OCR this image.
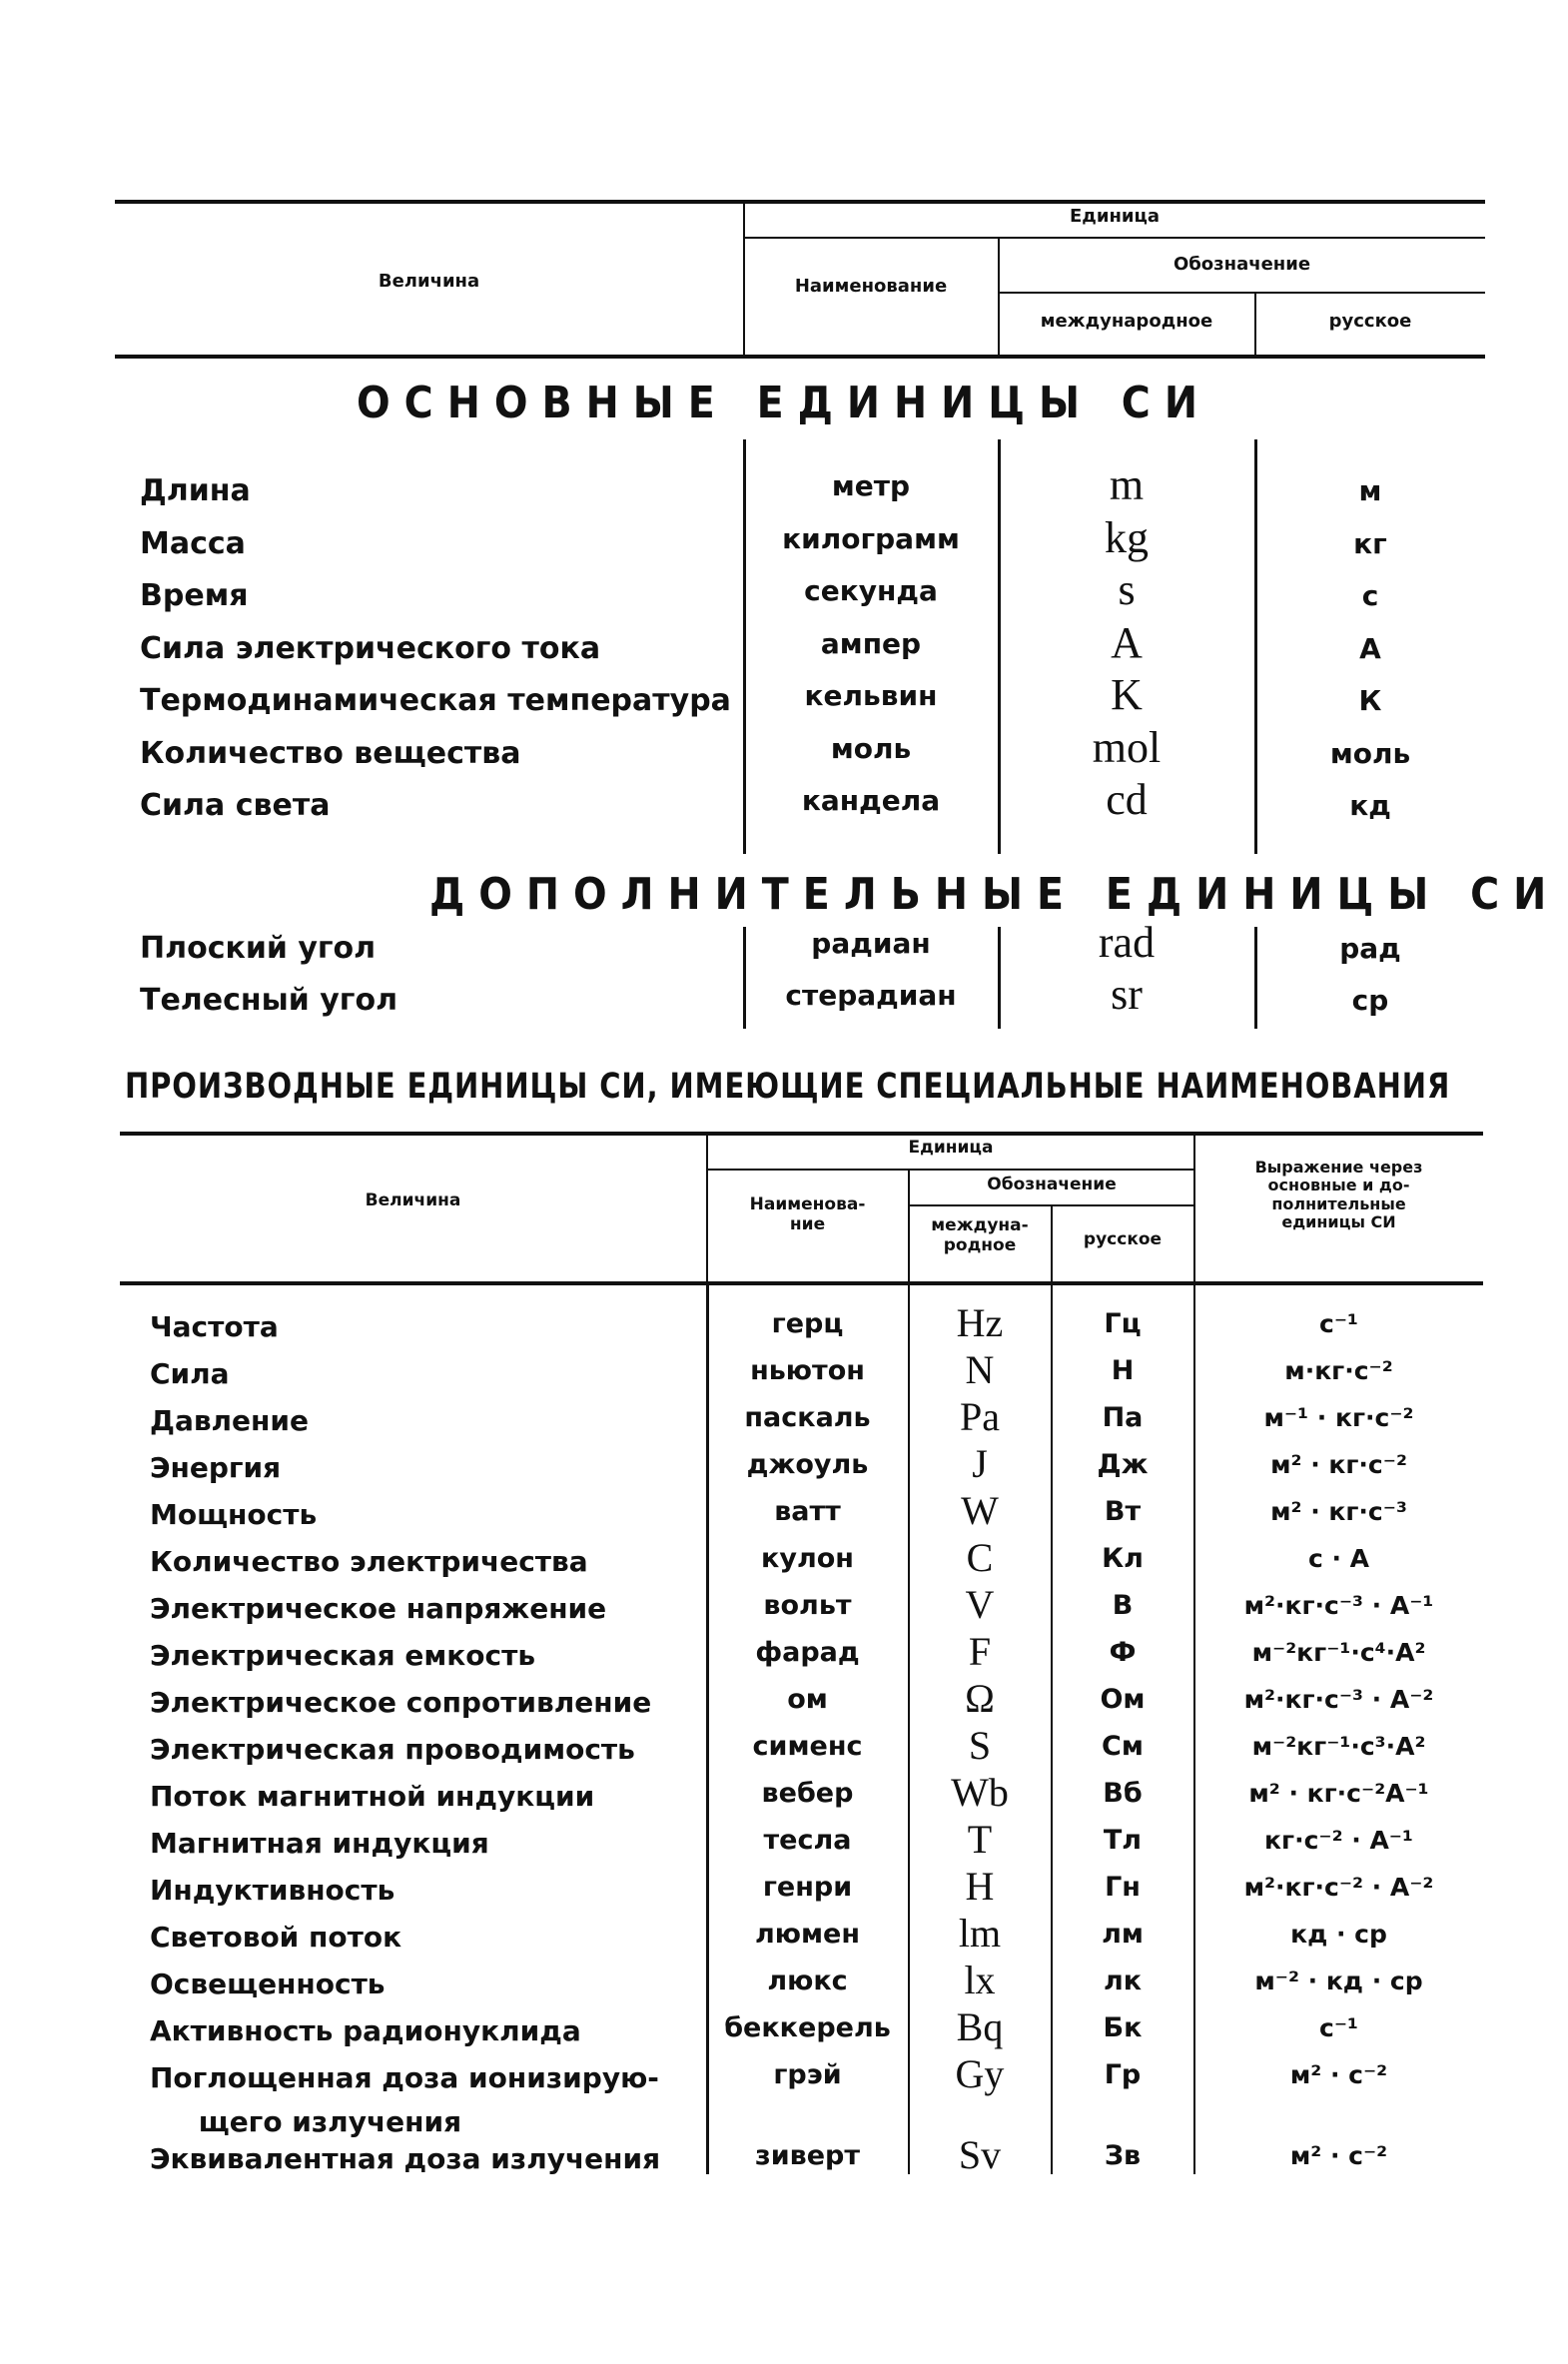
Величина
Единица
Наименование
Обозначение
международное	русское
ОСНОВНЫЕ ЕДИНИЦЫ СИ
Длина	метр	m	м
Масса	килограмм	kg	кг
Время	секунда	s	с
Сила электрического тока	ампер	A	А
Термодинамическая температура	кельвин	K	К
Количество вещества	моль	mol	моль
Сила света	кандела	cd	кд
ДОПОЛНИТЕЛЬНЫЕ ЕДИНИЦЫ СИ
Плоский угол	радиан	rad	рад
Телесный угол	стерадиан	sr	ср
ПРОИЗВОДНЫЕ ЕДИНИЦЫ СИ, ИМЕЮЩИЕ СПЕЦИАЛЬНЫЕ НАИМЕНОВАНИЯ
Величина
Единица
Наименова-
ние
Обозначение
междуна-
родное	русское
Выражение через
основные и до-
полнительные
единицы СИ
Частота	герц	Hz	Гц	с⁻¹
Сила	ньютон	N	Н	м·кг·с⁻²
Давление	паскаль	Pa	Па	м⁻¹ · кг·с⁻²
Энергия	джоуль	J	Дж	м² · кг·с⁻²
Мощность	ватт	W	Вт	м² · кг·с⁻³
Количество электричества	кулон	C	Кл	с · А
Электрическое напряжение	вольт	V	В	м²·кг·с⁻³ · А⁻¹
Электрическая емкость	фарад	F	Ф	м⁻²кг⁻¹·с⁴·А²
Электрическое сопротивление	ом	Ω	Ом	м²·кг·с⁻³ · А⁻²
Электрическая проводимость	сименс	S	См	м⁻²кг⁻¹·с³·А²
Поток магнитной индукции	вебер	Wb	Вб	м² · кг·с⁻²А⁻¹
Магнитная индукция	тесла	T	Тл	кг·с⁻² · А⁻¹
Индуктивность	генри	H	Гн	м²·кг·с⁻² · А⁻²
Световой поток	люмен	lm	лм	кд · ср
Освещенность	люкс	lx	лк	м⁻² · кд · ср
Активность радионуклида	беккерель	Bq	Бк	с⁻¹
Поглощенная доза ионизирую-
щего излучения
грэй	Gy	Гр	м² · с⁻²
Эквивалентная доза излучения	зиверт	Sv	Зв	м² · с⁻²
